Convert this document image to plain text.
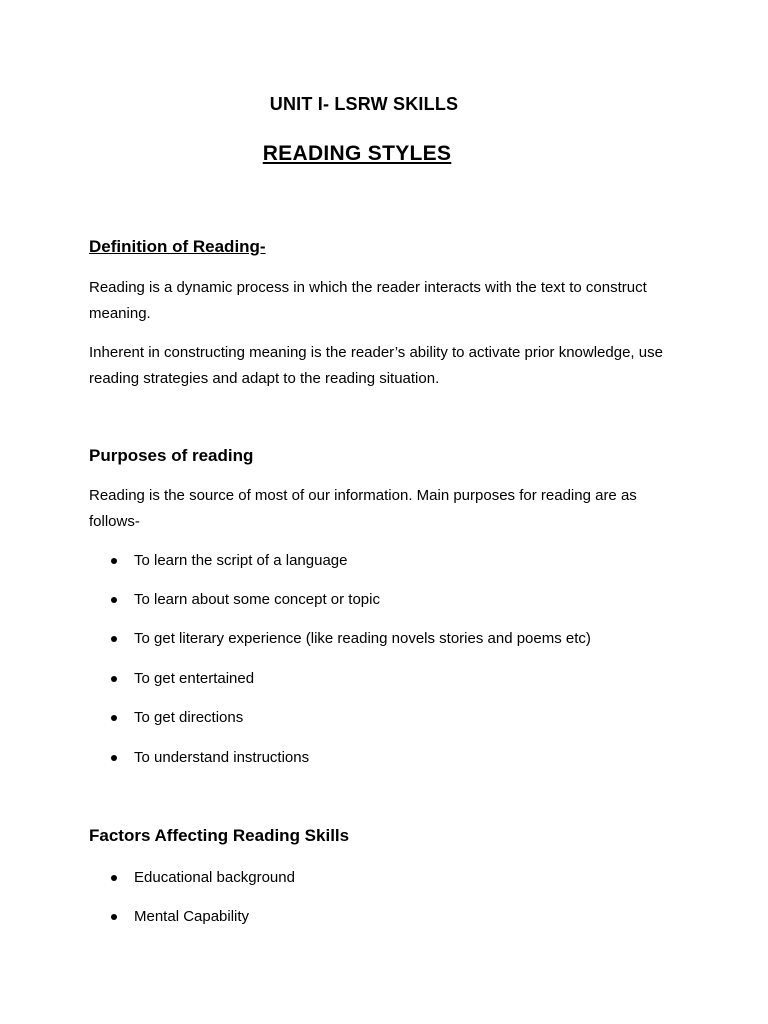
UNIT I- LSRW SKILLS
READING STYLES
Definition of Reading-
Reading is a dynamic process in which the reader interacts with the text to construct meaning.
Inherent in constructing meaning is the reader’s ability to activate prior knowledge, use reading strategies and adapt to the reading situation.
Purposes of reading
Reading is the source of most of our information. Main purposes for reading are as follows-
To learn the script of a language
To learn about some concept or topic
To get literary experience (like reading novels stories and poems etc)
To get entertained
To get directions
To understand instructions
Factors Affecting Reading Skills
Educational background
Mental Capability
